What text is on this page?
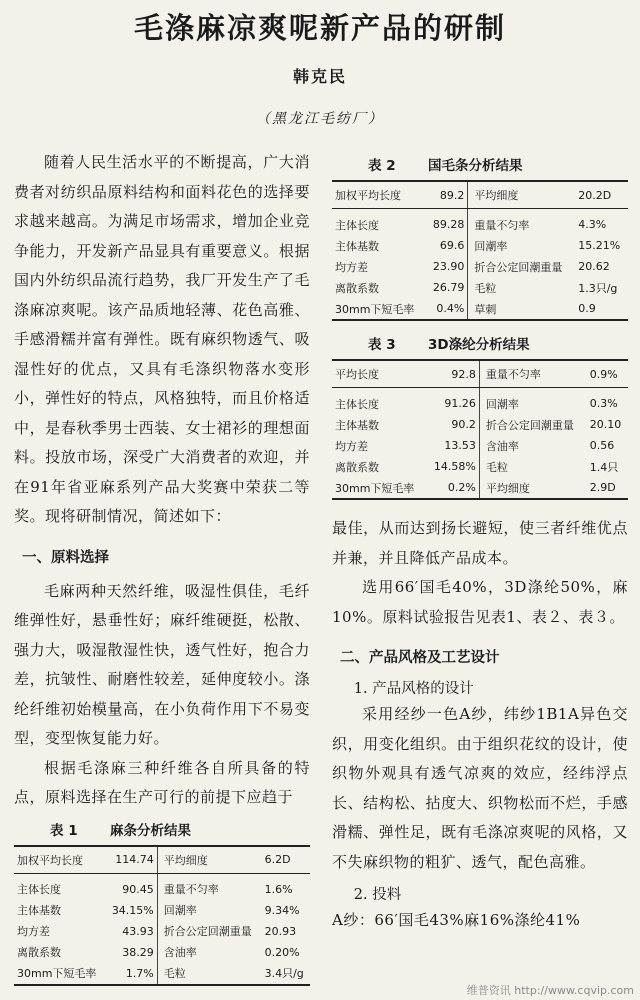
毛涤麻凉爽呢新产品的研制
韩克民
（黑龙江毛纺厂）

随着人民生活水平的不断提高，广大消费者对纺织品原料结构和面料花色的选择要求越来越高。为满足市场需求，增加企业竞争能力，开发新产品显具有重要意义。根据国内外纺织品流行趋势，我厂开发生产了毛涤麻凉爽呢。该产品质地轻薄、花色高雅、手感滑糯并富有弹性。既有麻织物透气、吸湿性好的优点，又具有毛涤织物落水变形小，弹性好的特点，风格独特，而且价格适中，是春秋季男士西装、女士裙衫的理想面料。投放市场，深受广大消费者的欢迎，并在91年省亚麻系列产品大奖赛中荣获二等奖。现将研制情况，简述如下：

一、原料选择

毛麻两种天然纤维，吸湿性俱佳，毛纤维弹性好，悬垂性好；麻纤维硬挺，松散、强力大，吸湿散湿性快，透气性好，抱合力差，抗皱性、耐磨性较差，延伸度较小。涤纶纤维初始模量高，在小负荷作用下不易变型，变型恢复能力好。

根据毛涤麻三种纤维各自所具备的特点，原料选择在生产可行的前提下应趋于

表 1 麻条分析结果
加权平均长度	114.74	平均细度	6.2D

主体长度	90.45	重量不匀率	1.6%
主体基数	34.15%	回潮率	9.34%
均方差	43.93	折合公定回潮重量	20.93
离散系数	38.29	含油率	0.20%
30mm下短毛率	1.7%	毛粒	3.4只/g
表 2 国毛条分析结果
加权平均长度	89.2	平均细度	20.2D

主体长度	89.28	重量不匀率	4.3%
主体基数	69.6	回潮率	15.21%
均方差	23.90	折合公定回潮重量	20.62
离散系数	26.79	毛粒	1.3只/g
30mm下短毛率	0.4%	草刺	0.9
表 3 3D涤纶分析结果
平均长度	92.8	重量不匀率	0.9%

主体长度	91.26	回潮率	0.3%
主体基数	90.2	折合公定回潮重量	20.10
均方差	13.53	含油率	0.56
离散系数	14.58%	毛粒	1.4只
30mm下短毛率	0.2%	平均细度	2.9D

最佳，从而达到扬长避短，使三者纤维优点并兼，并且降低产品成本。

选用66′国毛40%，3D涤纶50%，麻10%。原料试验报告见表1、表２、表３。

二、产品风格及工艺设计
1. 产品风格的设计

采用经纱一色A纱，纬纱1B1A异色交织，用变化组织。由于组织花纹的设计，使织物外观具有透气凉爽的效应，经纬浮点长、结构松、拈度大、织物松而不烂，手感滑糯、弹性足，既有毛涤凉爽呢的风格，又不失麻织物的粗犷、透气，配色高雅。

2. 投料

A纱：66′国毛43%麻16%涤纶41%

维普资讯 http://www.cqvip.com
